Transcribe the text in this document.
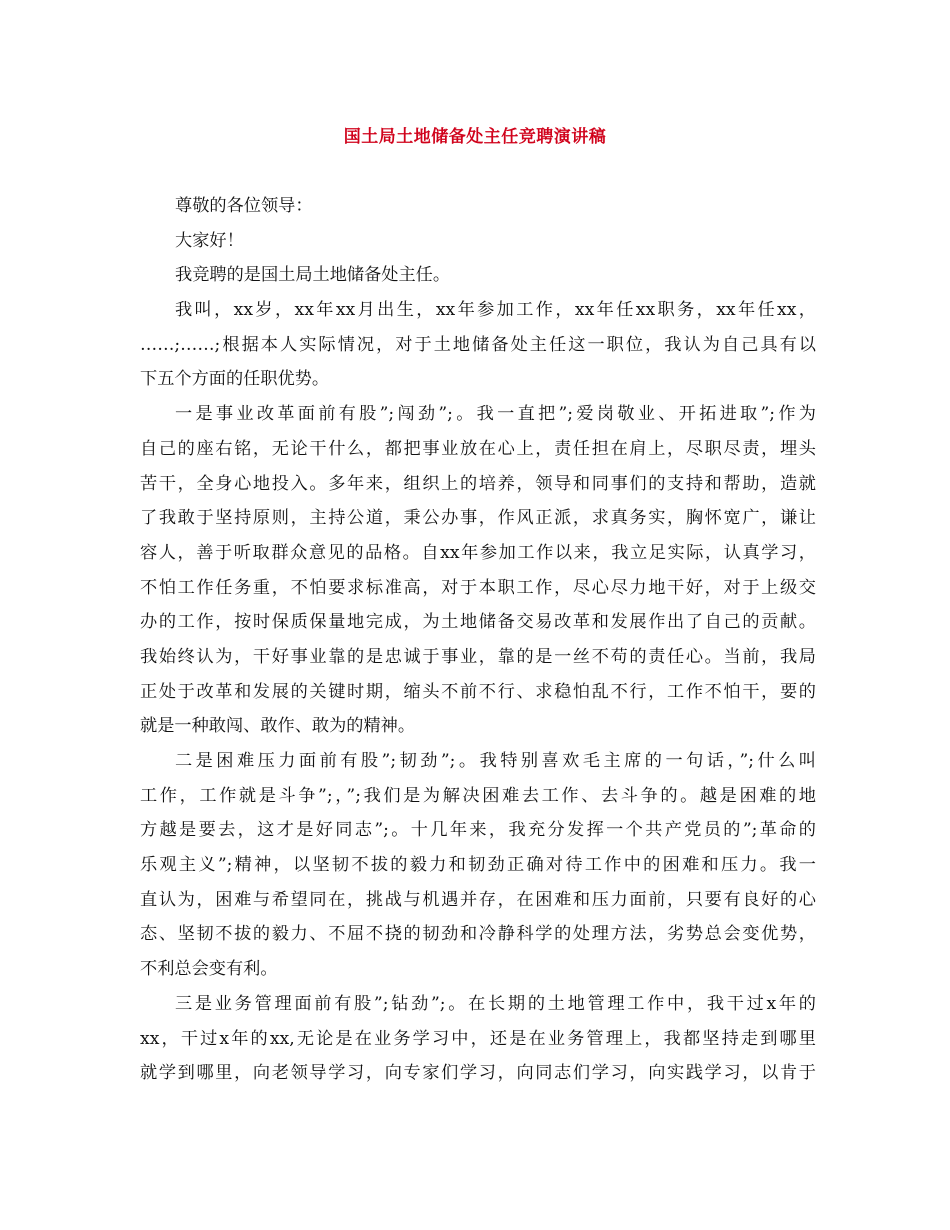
国土局土地储备处主任竞聘演讲稿
尊敬的各位领导：
大家好！
我竞聘的是国土局土地储备处主任。
我叫，xx岁，xx年xx月出生，xx年参加工作，xx年任xx职务，xx年任xx，
……;……;根据本人实际情况，对于土地储备处主任这一职位，我认为自己具有以
下五个方面的任职优势。
一是事业改革面前有股”;闯劲”;。我一直把”;爱岗敬业、开拓进取”;作为
自己的座右铭，无论干什么，都把事业放在心上，责任担在肩上，尽职尽责，埋头
苦干，全身心地投入。多年来，组织上的培养，领导和同事们的支持和帮助，造就
了我敢于坚持原则，主持公道，秉公办事，作风正派，求真务实，胸怀宽广，谦让
容人，善于听取群众意见的品格。自xx年参加工作以来，我立足实际，认真学习，
不怕工作任务重，不怕要求标准高，对于本职工作，尽心尽力地干好，对于上级交
办的工作，按时保质保量地完成，为土地储备交易改革和发展作出了自己的贡献。
我始终认为，干好事业靠的是忠诚于事业，靠的是一丝不苟的责任心。当前，我局
正处于改革和发展的关键时期，缩头不前不行、求稳怕乱不行，工作不怕干，要的
就是一种敢闯、敢作、敢为的精神。
二是困难压力面前有股”;韧劲”;。我特别喜欢毛主席的一句话，”;什么叫
工作，工作就是斗争”;，”;我们是为解决困难去工作、去斗争的。越是困难的地
方越是要去，这才是好同志”;。十几年来，我充分发挥一个共产党员的”;革命的
乐观主义”;精神，以坚韧不拔的毅力和韧劲正确对待工作中的困难和压力。我一
直认为，困难与希望同在，挑战与机遇并存，在困难和压力面前，只要有良好的心
态、坚韧不拔的毅力、不屈不挠的韧劲和冷静科学的处理方法，劣势总会变优势，
不利总会变有利。
三是业务管理面前有股”;钻劲”;。在长期的土地管理工作中，我干过x年的
xx，干过x年的xx,无论是在业务学习中，还是在业务管理上，我都坚持走到哪里
就学到哪里，向老领导学习，向专家们学习，向同志们学习，向实践学习，以肯于
